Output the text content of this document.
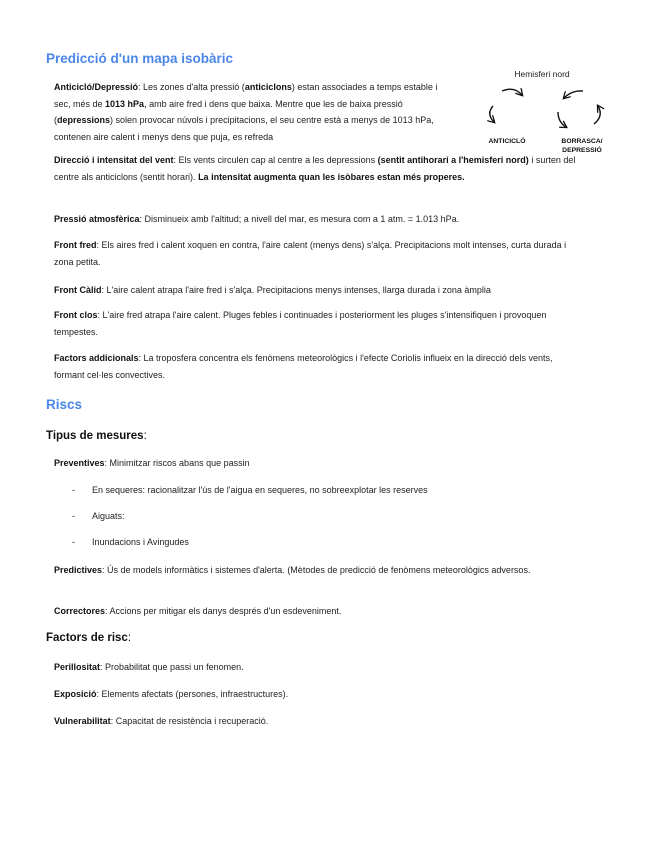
Predicció d'un mapa isobàric

Anticicló/Depressió: Les zones d'alta pressió (anticiclons) estan associades a temps estable i sec, més de 1013 hPa, amb aire fred i dens que baixa. Mentre que les de baixa pressió (depressions) solen provocar núvols i precipitacions, el seu centre està a menys de 1013 hPa, contenen aire calent i menys dens que puja, es refreda

Hemisferi nord
ANTICICLÓ	BORRASCA/
DEPRESSIÓ

Direcció i intensitat del vent: Els vents circulen cap al centre a les depressions (sentit antihorari a l'hemisferi nord) i surten del centre als anticiclons (sentit horari). La intensitat augmenta quan les isòbares estan més properes.

Pressió atmosfèrica: Disminueix amb l'altitud; a nivell del mar, es mesura com a 1 atm. = 1.013 hPa.

Front fred: Els aires fred i calent xoquen en contra, l'aire calent (menys dens) s'alça. Precipitacions molt intenses, curta durada i zona petita.

Front Càlid: L'aire calent atrapa l'aire fred i s'alça. Precipitacions menys intenses, llarga durada i zona àmplia

Front clos: L'aire fred atrapa l'aire calent. Pluges febles i continuades i posteriorment les pluges s'intensifiquen i provoquen tempestes.

Factors addicionals: La troposfera concentra els fenòmens meteorològics i l'efecte Coriolis influeix en la direcció dels vents, formant cel·les convectives.

Riscs
Tipus de mesures:

Preventives: Minimitzar riscos abans que passin

- En sequeres: racionalitzar l'ús de l'aigua en sequeres, no sobreexplotar les reserves
- Aiguats:
- Inundacions i Avingudes

Predictives: Ús de models informàtics i sistemes d'alerta. (Mètodes de predicció de fenòmens meteorològics adversos.

Correctores: Accions per mitigar els danys després d'un esdeveniment.

Factors de risc:

Perillositat: Probabilitat que passi un fenomen.

Exposició: Elements afectats (persones, infraestructures).

Vulnerabilitat: Capacitat de resistència i recuperació.
